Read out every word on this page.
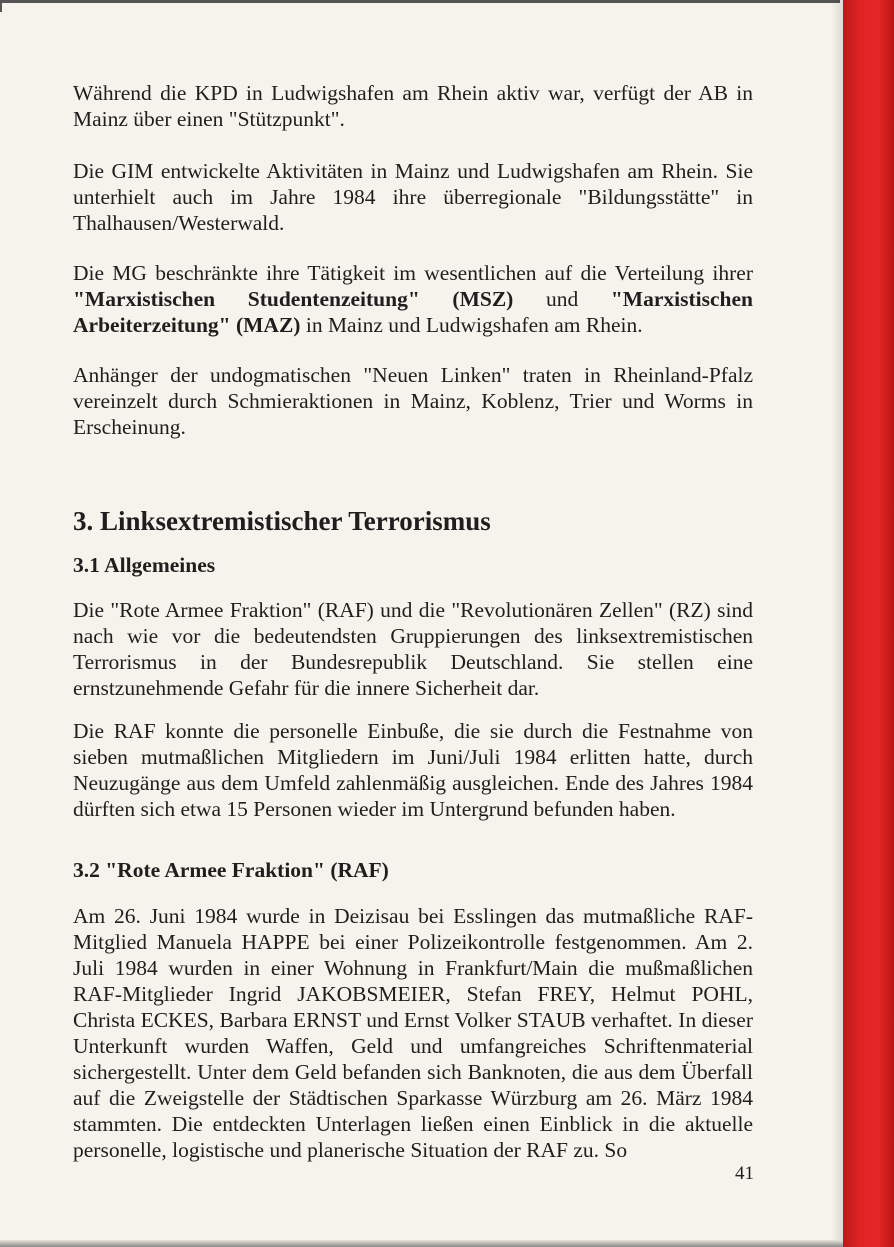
Während die KPD in Ludwigshafen am Rhein aktiv war, verfügt der AB in Mainz über einen "Stützpunkt".

Die GIM entwickelte Aktivitäten in Mainz und Ludwigshafen am Rhein. Sie unterhielt auch im Jahre 1984 ihre überregionale "Bildungsstätte" in Thalhausen/Westerwald.

Die MG beschränkte ihre Tätigkeit im wesentlichen auf die Verteilung ihrer "Marxistischen Studentenzeitung" (MSZ) und "Marxistischen Arbeiterzeitung" (MAZ) in Mainz und Ludwigshafen am Rhein.

Anhänger der undogmatischen "Neuen Linken" traten in Rheinland-Pfalz vereinzelt durch Schmieraktionen in Mainz, Koblenz, Trier und Worms in Erscheinung.

3. Linksextremistischer Terrorismus
3.1 Allgemeines

Die "Rote Armee Fraktion" (RAF) und die "Revolutionären Zellen" (RZ) sind nach wie vor die bedeutendsten Gruppierungen des linksextremistischen Terrorismus in der Bundesrepublik Deutschland. Sie stellen eine ernstzunehmende Gefahr für die innere Sicherheit dar.

Die RAF konnte die personelle Einbuße, die sie durch die Festnahme von sieben mutmaßlichen Mitgliedern im Juni/Juli 1984 erlitten hatte, durch Neuzugänge aus dem Umfeld zahlenmäßig ausgleichen. Ende des Jahres 1984 dürften sich etwa 15 Personen wieder im Untergrund befunden haben.

3.2 "Rote Armee Fraktion" (RAF)

Am 26. Juni 1984 wurde in Deizisau bei Esslingen das mutmaßliche RAF-Mitglied Manuela HAPPE bei einer Polizeikontrolle festgenommen. Am 2. Juli 1984 wurden in einer Wohnung in Frankfurt/Main die mußmaßlichen RAF-Mitglieder Ingrid JAKOBSMEIER, Stefan FREY, Helmut POHL, Christa ECKES, Barbara ERNST und Ernst Volker STAUB verhaftet. In dieser Unterkunft wurden Waffen, Geld und umfangreiches Schriftenmaterial sichergestellt. Unter dem Geld befanden sich Banknoten, die aus dem Überfall auf die Zweigstelle der Städtischen Sparkasse Würzburg am 26. März 1984 stammten. Die entdeckten Unterlagen ließen einen Einblick in die aktuelle personelle, logistische und planerische Situation der RAF zu. So

41
